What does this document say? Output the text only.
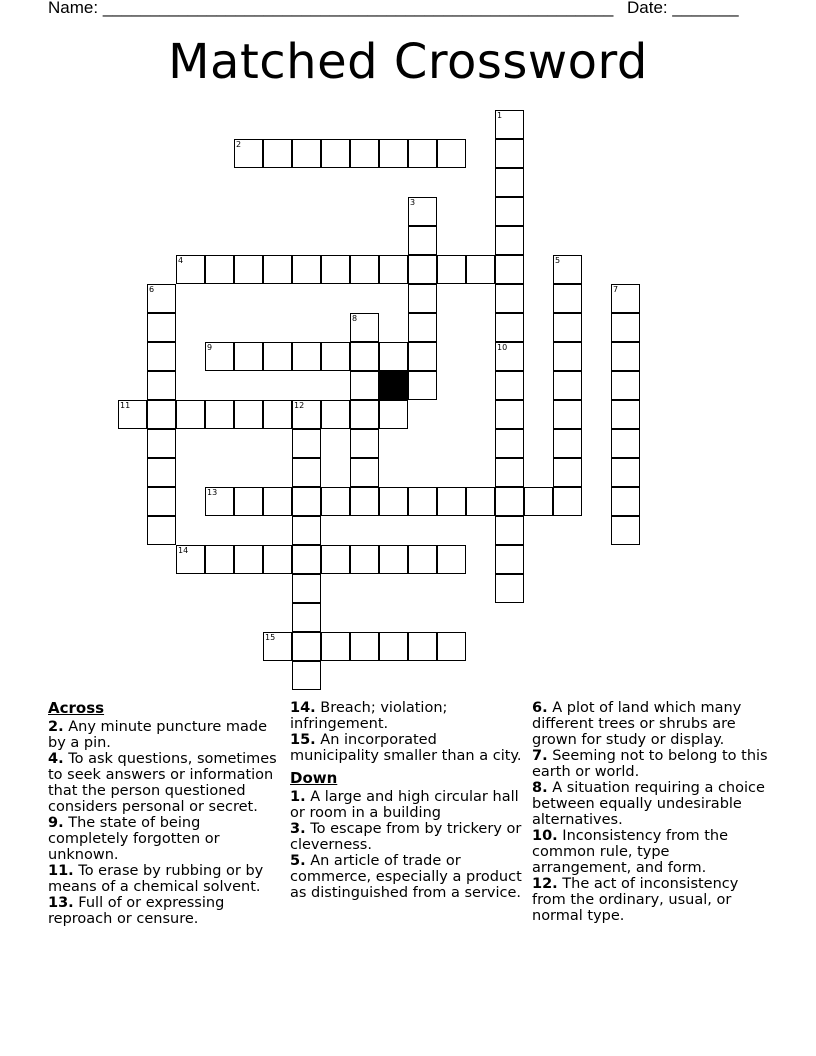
Name: ______________________________________________________ Date: _______
Matched Crossword
2
4
9
11
13
14
15
1
3
5
6	7
8
10
12
Across
2. Any minute puncture made by a pin.
4. To ask questions, sometimes to seek answers or information that the person questioned considers personal or secret.
9. The state of being completely forgotten or unknown.
11. To erase by rubbing or by means of a chemical solvent.
13. Full of or expressing reproach or censure.
14. Breach; violation; infringement.
15. An incorporated municipality smaller than a city.
Down
1. A large and high circular hall or room in a building
3. To escape from by trickery or cleverness.
5. An article of trade or commerce, especially a product as distinguished from a service.
6. A plot of land which many different trees or shrubs are grown for study or display.
7. Seeming not to belong to this earth or world.
8. A situation requiring a choice between equally undesirable alternatives.
10. Inconsistency from the common rule, type arrangement, and form.
12. The act of inconsistency from the ordinary, usual, or normal type.
